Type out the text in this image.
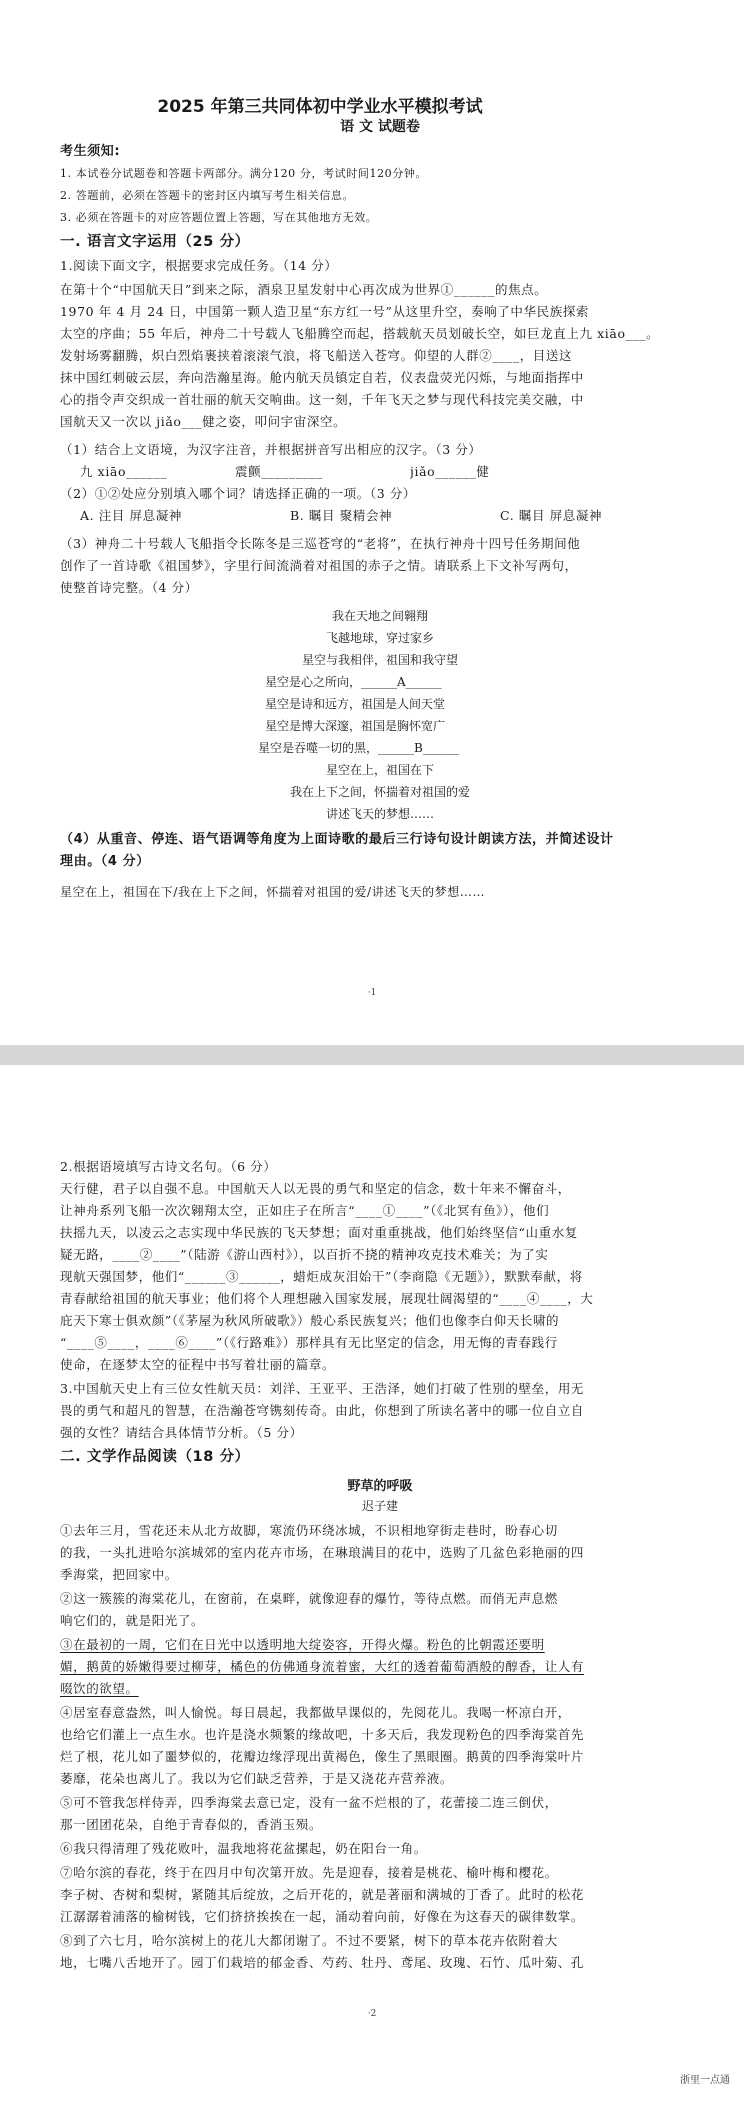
2025 年第三共同体初中学业水平模拟考试
语 文 试题卷
考生须知:
1. 本试卷分试题卷和答题卡两部分。满分120 分，考试时间120分钟。
2. 答题前，必须在答题卡的密封区内填写考生相关信息。
3. 必须在答题卡的对应答题位置上答题，写在其他地方无效。
一. 语言文字运用（25 分）
1.阅读下面文字，根据要求完成任务。（14 分）
在第十个“中国航天日”到来之际，酒泉卫星发射中心再次成为世界①______的焦点。
1970 年 4 月 24 日，中国第一颗人造卫星“东方红一号”从这里升空，奏响了中华民族探索
太空的序曲；55 年后，神舟二十号载人飞船腾空而起，搭载航天员划破长空，如巨龙直上九 xiāo___。
发射场雾翻腾，炽白烈焰裹挟着滚滚气浪，将飞船送入苍穹。仰望的人群②____，目送这
抹中国红刺破云层，奔向浩瀚星海。舱内航天员镇定自若，仪表盘荧光闪烁，与地面指挥中
心的指令声交织成一首壮丽的航天交响曲。这一刻，千年飞天之梦与现代科技完美交融，中
国航天又一次以 jiǎo___健之姿，叩问宇宙深空。
（1）结合上文语境，为汉字注音，并根据拼音写出相应的汉字。（3 分）
九 xiāo______	震颤_________	jiǎo______健
（2）①②处应分别填入哪个词？请选择正确的一项。（3 分）
A. 注目 屏息凝神	B. 瞩目 聚精会神	C. 瞩目 屏息凝神
（3）神舟二十号载人飞船指令长陈冬是三巡苍穹的“老将”，在执行神舟十四号任务期间他
创作了一首诗歌《祖国梦》，字里行间流淌着对祖国的赤子之情。请联系上下文补写两句，
使整首诗完整。（4 分）
我在天地之间翱翔
飞越地球，穿过家乡
星空与我相伴，祖国和我守望
星空是心之所向，______A______
星空是诗和远方，祖国是人间天堂
星空是博大深邃，祖国是胸怀宽广
星空是吞噬一切的黑，______B______
星空在上，祖国在下
我在上下之间，怀揣着对祖国的爱
讲述飞天的梦想……
（4）从重音、停连、语气语调等角度为上面诗歌的最后三行诗句设计朗读方法，并简述设计
理由。（4 分）
星空在上，祖国在下/我在上下之间，怀揣着对祖国的爱/讲述飞天的梦想……
·1
2.根据语境填写古诗文名句。（6 分）
天行健，君子以自强不息。中国航天人以无畏的勇气和坚定的信念，数十年来不懈奋斗，
让神舟系列飞船一次次翱翔太空，正如庄子在所言“____①____”（《北冥有鱼》），他们
扶摇九天，以凌云之志实现中华民族的飞天梦想；面对重重挑战，他们始终坚信“山重水复
疑无路，____②____”（陆游《游山西村》），以百折不挠的精神攻克技术难关；为了实
现航天强国梦，他们“______③______，蜡炬成灰泪始干”（李商隐《无题》），默默奉献，将
青春献给祖国的航天事业；他们将个人理想融入国家发展，展现壮阔渴望的“____④____，大
庇天下寒士俱欢颜”（《茅屋为秋风所破歌》）般心系民族复兴；他们也像李白仰天长啸的
“____⑤____，____⑥____”（《行路难》）那样具有无比坚定的信念，用无悔的青春践行
使命，在逐梦太空的征程中书写着壮丽的篇章。
3.中国航天史上有三位女性航天员：刘洋、王亚平、王浩泽，她们打破了性别的壁垒，用无
畏的勇气和超凡的智慧，在浩瀚苍穹镌刻传奇。由此，你想到了所读名著中的哪一位自立自
强的女性？请结合具体情节分析。（5 分）
二. 文学作品阅读（18 分）
野草的呼吸
迟子建
①去年三月，雪花还未从北方故脚，寒流仍环绕冰城，不识相地穿街走巷时，盼春心切
的我，一头扎进哈尔滨城郊的室内花卉市场，在琳琅满目的花中，选购了几盆色彩艳丽的四
季海棠，把回家中。
②这一簇簇的海棠花儿，在窗前，在桌畔，就像迎春的爆竹，等待点燃。而俏无声息燃
响它们的，就是阳光了。
③在最初的一周，它们在日光中以透明地大绽姿容，开得火爆。粉色的比朝霞还要明
媚，鹅黄的娇嫩得要过柳芽，橘色的仿佛通身流着蜜，大红的透着葡萄酒般的醇香，让人有
啜饮的欲望。
④居室春意盎然，叫人愉悦。每日晨起，我都做早课似的，先阅花儿。我喝一杯凉白开，
也给它们灌上一点生水。也许是浇水频繁的缘故吧，十多天后，我发现粉色的四季海棠首先
烂了根，花儿如了噩梦似的，花瓣边缘浮现出黄褐色，像生了黑眼圈。鹅黄的四季海棠叶片
萎靡，花朵也离儿了。我以为它们缺乏营养，于是又浇花卉营养液。
⑤可不管我怎样侍弄，四季海棠去意已定，没有一盆不烂根的了，花蕾接二连三倒伏，
那一团团花朵，自绝于青春似的，香消玉殒。
⑥我只得清理了残花败叶，温我地将花盆摞起，奶在阳台一角。
⑦哈尔滨的春花，终于在四月中旬次第开放。先是迎春，接着是桃花、榆叶梅和樱花。
李子树、杏树和梨树，紧随其后绽放，之后开花的，就是著丽和满城的丁香了。此时的松花
江潺潺着浦落的榆树钱，它们挤挤挨挨在一起，涌动着向前，好像在为这春天的碳律数掌。
⑧到了六七月，哈尔滨树上的花儿大都闭谢了。不过不要紧，树下的草本花卉依附着大
地，七嘴八舌地开了。园丁们栽培的郁金香、芍药、牡丹、鸢尾、玫瑰、石竹、瓜叶菊、孔
·2
浙里一点通
